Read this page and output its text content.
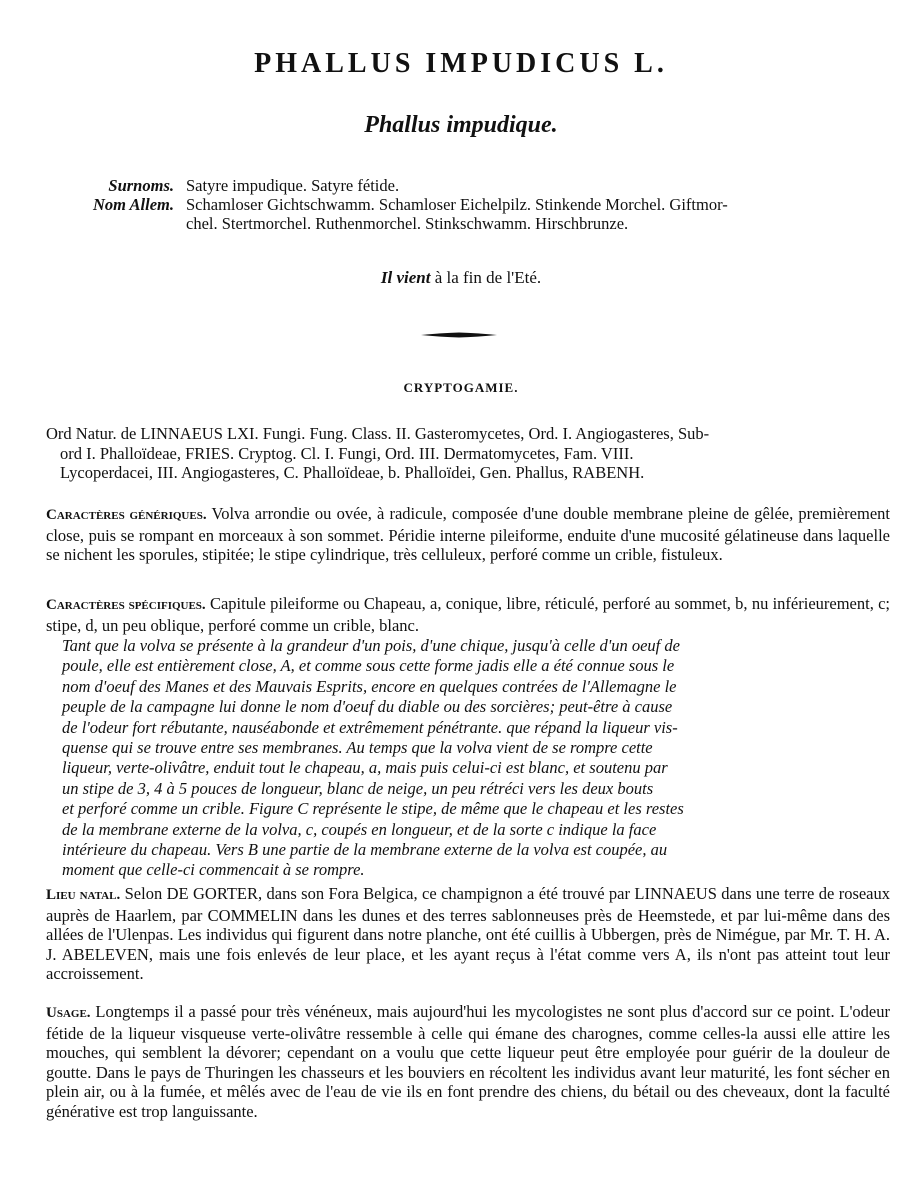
PHALLUS IMPUDICUS L.
Phallus impudique.
Surnoms. Satyre impudique. Satyre fétide.
Nom Allem. Schamloser Gichtschwamm. Schamloser Eichelpilz. Stinkende Morchel. Giftmor-
chel. Stertmorchel. Ruthenmorchel. Stinkschwamm. Hirschbrunze.
Il vient à la fin de l'Eté.
CRYPTOGAMIE.
Ord Natur. de LINNAEUS LXI. Fungi. Fung. Class. II. Gasteromycetes, Ord. I. Angiogasteres, Sub-
ord I. Phalloïdeae, FRIES. Cryptog. Cl. I. Fungi, Ord. III. Dermatomycetes, Fam. VIII.
Lycoperdacei, III. Angiogasteres, C. Phalloïdeae, b. Phalloïdei, Gen. Phallus, RABENH.
Caractères génériques. Volva arrondie ou ovée, à radicule, composée d'une double membrane pleine de gêlée, premièrement close, puis se rompant en morceaux à son sommet. Péridie interne pileiforme, enduite d'une mucosité gélatineuse dans laquelle se nichent les sporules, stipitée; le stipe cylindrique, très celluleux, perforé comme un crible, fistuleux.
Caractères spécifiques. Capitule pileiforme ou Chapeau, a, conique, libre, réticulé, perforé au sommet, b, nu inférieurement, c; stipe, d, un peu oblique, perforé comme un crible, blanc.
Tant que la volva se présente à la grandeur d'un pois, d'une chique, jusqu'à celle d'un oeuf de
poule, elle est entièrement close, A, et comme sous cette forme jadis elle a été connue sous le
nom d'oeuf des Manes et des Mauvais Esprits, encore en quelques contrées de l'Allemagne le
peuple de la campagne lui donne le nom d'oeuf du diable ou des sorcières; peut-être à cause
de l'odeur fort rébutante, nauséabonde et extrêmement pénétrante. que répand la liqueur vis-
quense qui se trouve entre ses membranes. Au temps que la volva vient de se rompre cette
liqueur, verte-olivâtre, enduit tout le chapeau, a, mais puis celui-ci est blanc, et soutenu par
un stipe de 3, 4 à 5 pouces de longueur, blanc de neige, un peu rétréci vers les deux bouts
et perforé comme un crible. Figure C représente le stipe, de même que le chapeau et les restes
de la membrane externe de la volva, c, coupés en longueur, et de la sorte c indique la face
intérieure du chapeau. Vers B une partie de la membrane externe de la volva est coupée, au
moment que celle-ci commencait à se rompre.
Lieu natal. Selon DE GORTER, dans son Fora Belgica, ce champignon a été trouvé par LINNAEUS dans une terre de roseaux auprès de Haarlem, par COMMELIN dans les dunes et des terres sablonneuses près de Heemstede, et par lui-même dans des allées de l'Ulenpas. Les individus qui figurent dans notre planche, ont été cuillis à Ubbergen, près de Nimégue, par Mr. T. H. A. J. ABELEVEN, mais une fois enlevés de leur place, et les ayant reçus à l'état comme vers A, ils n'ont pas atteint tout leur accroissement.
Usage. Longtemps il a passé pour très vénéneux, mais aujourd'hui les mycologistes ne sont plus d'accord sur ce point. L'odeur fétide de la liqueur visqueuse verte-olivâtre ressemble à celle qui émane des charognes, comme celles-la aussi elle attire les mouches, qui semblent la dévorer; cependant on a voulu que cette liqueur peut être employée pour guérir de la douleur de goutte. Dans le pays de Thuringen les chasseurs et les bouviers en récoltent les individus avant leur maturité, les font sécher en plein air, ou à la fumée, et mêlés avec de l'eau de vie ils en font prendre des chiens, du bétail ou des cheveaux, dont la faculté générative est trop languissante.
